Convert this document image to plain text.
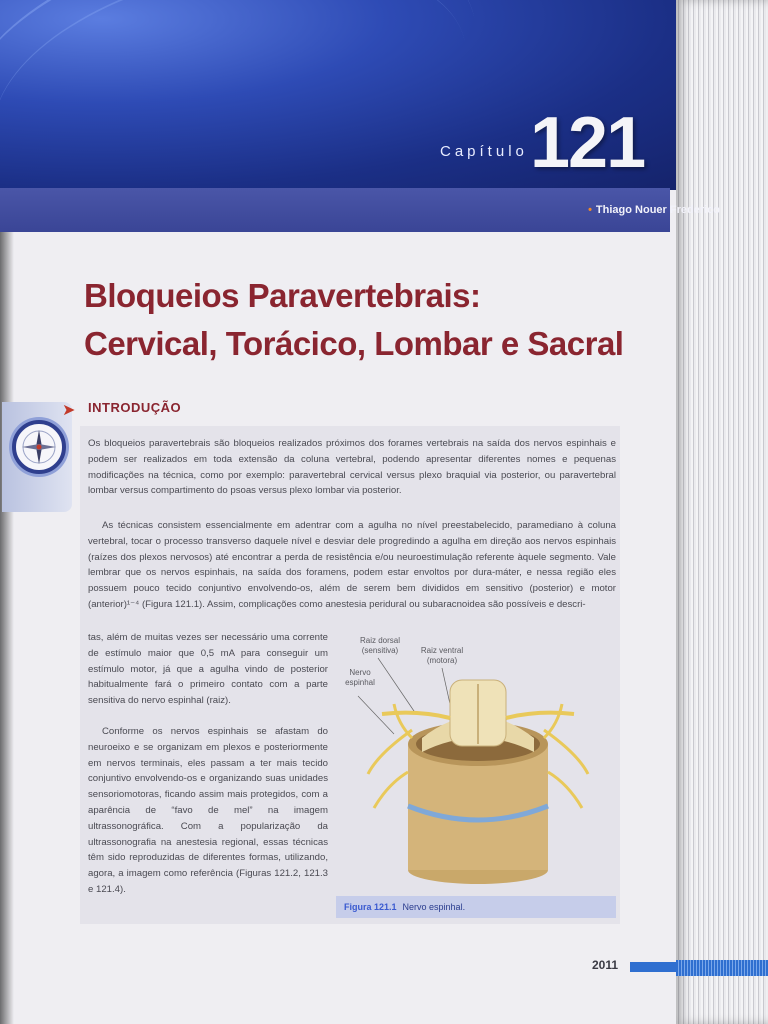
Capítulo 121
• Thiago Nouer Frederico
Bloqueios Paravertebrais:
Cervical, Torácico, Lombar e Sacral
➤ INTRODUÇÃO
Os bloqueios paravertebrais são bloqueios realizados próximos dos forames vertebrais na saída dos nervos espinhais e podem ser realizados em toda extensão da coluna vertebral, podendo apresentar diferentes nomes e pequenas modificações na técnica, como por exemplo: paravertebral cervical versus plexo braquial via posterior, ou paravertebral lombar versus compartimento do psoas versus plexo lombar via posterior.
As técnicas consistem essencialmente em adentrar com a agulha no nível preestabelecido, paramediano à coluna vertebral, tocar o processo transverso daquele nível e desviar dele progredindo a agulha em direção aos nervos espinhais (raízes dos plexos nervosos) até encontrar a perda de resistência e/ou neuroestimulação referente àquele segmento. Vale lembrar que os nervos espinhais, na saída dos foramens, podem estar envoltos por dura-máter, e nessa região eles possuem pouco tecido conjuntivo envolvendo-os, além de serem bem divididos em sensitivo (posterior) e motor (anterior)¹⁻⁴ (Figura 121.1). Assim, complicações como anestesia peridural ou subaracnoidea são possíveis e descri-
tas, além de muitas vezes ser necessário uma corrente de estímulo maior que 0,5 mA para conseguir um estímulo motor, já que a agulha vindo de posterior habitualmente fará o primeiro contato com a parte sensitiva do nervo espinhal (raiz).
Conforme os nervos espinhais se afastam do neuroeixo e se organizam em plexos e posteriormente em nervos terminais, eles passam a ter mais tecido conjuntivo envolvendo-os e organizando suas unidades sensoriomotoras, ficando assim mais protegidos, com a aparência de “favo de mel” na imagem ultrassonográfica. Com a popularização da ultrassonografia na anestesia regional, essas técnicas têm sido reproduzidas de diferentes formas, utilizando, agora, a imagem como referência (Figuras 121.2, 121.3 e 121.4).
Raiz dorsal (sensitiva)	Raiz ventral (motora)
Nervo espinhal
Figura 121.1 Nervo espinhal.
2011
